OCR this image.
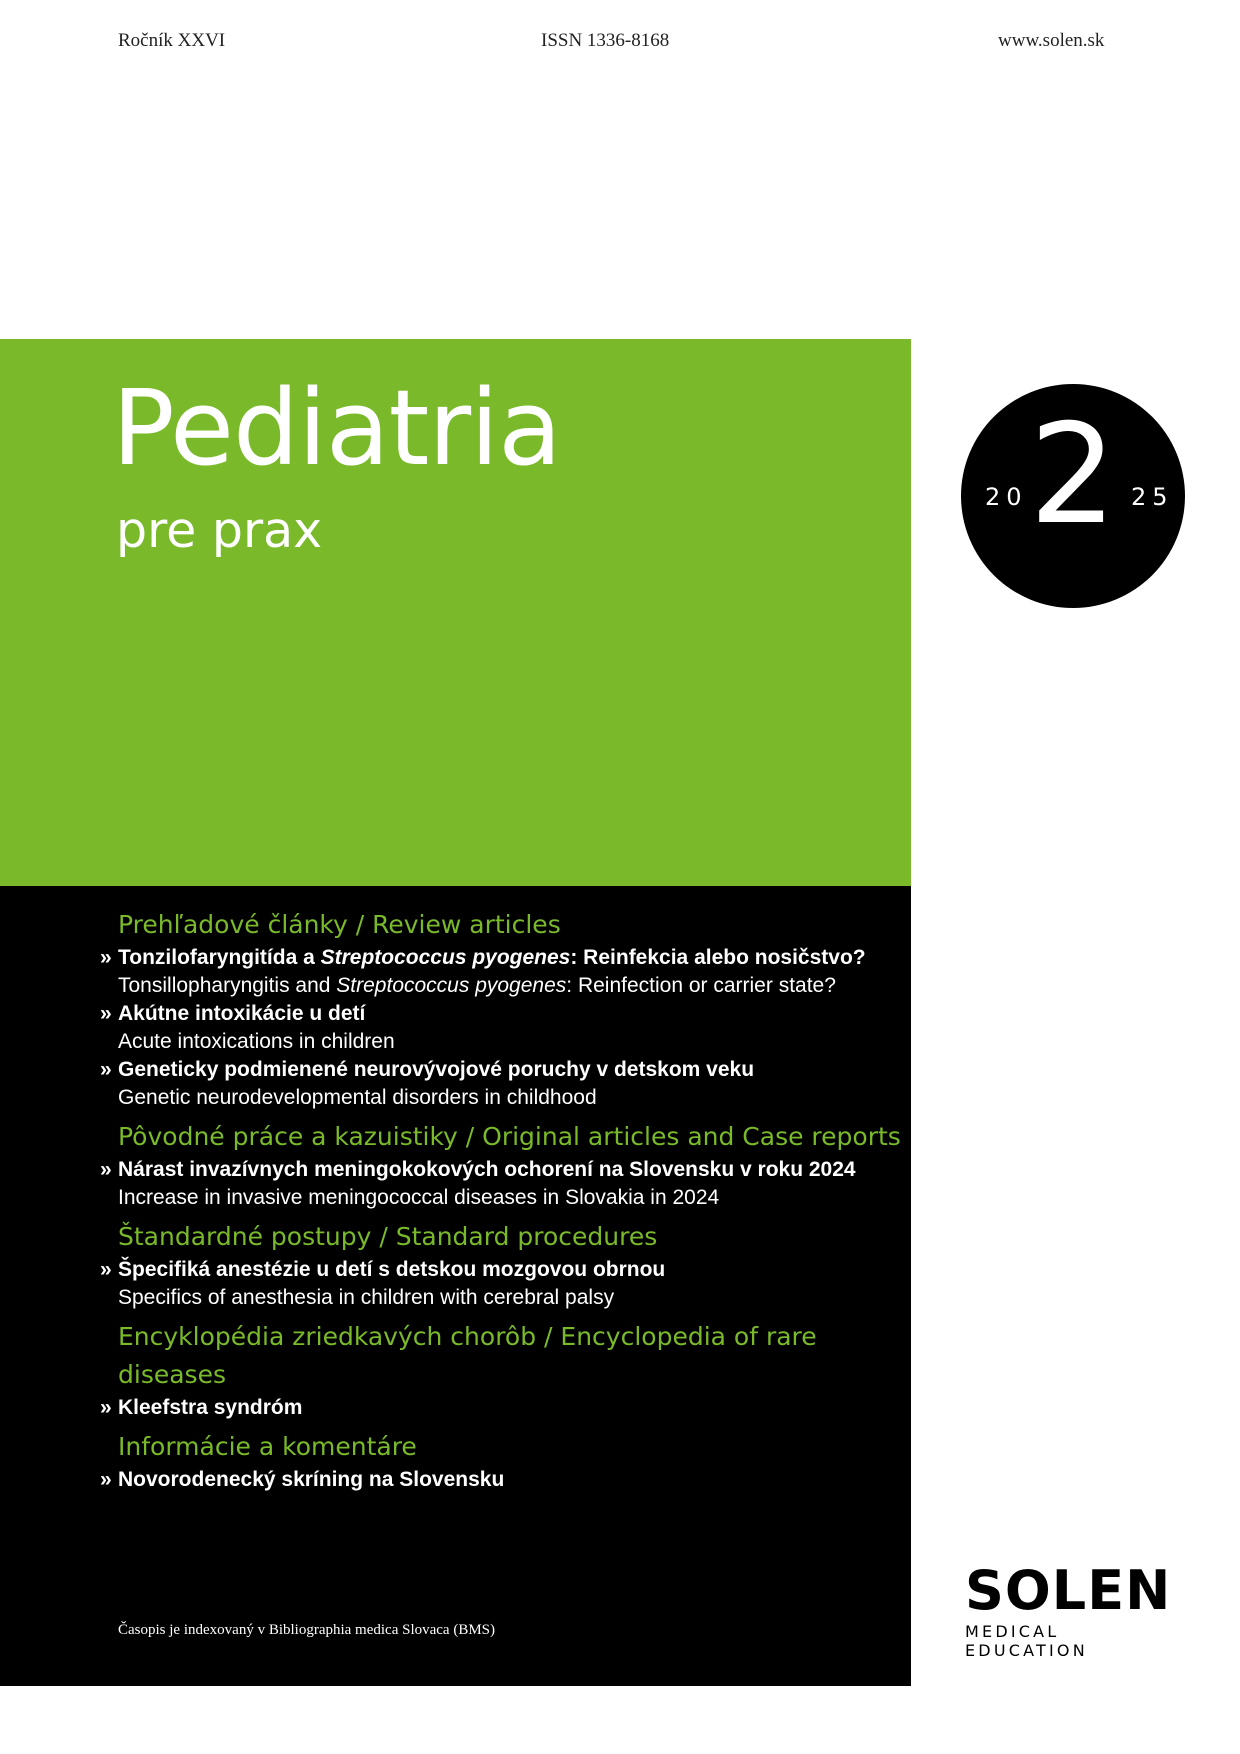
Ročník XXVI	ISSN 1336-8168	www.solen.sk
Pediatria
pre prax
20 2 25
Prehľadové články / Review articles
» Tonzilofaryngitída a Streptococcus pyogenes: Reinfekcia alebo nosičstvo?
Tonsillopharyngitis and Streptococcus pyogenes: Reinfection or carrier state?
» Akútne intoxikácie u detí
Acute intoxications in children
» Geneticky podmienené neurovývojové poruchy v detskom veku
Genetic neurodevelopmental disorders in childhood
Pôvodné práce a kazuistiky / Original articles and Case reports
» Nárast invazívnych meningokokových ochorení na Slovensku v roku 2024
Increase in invasive meningococcal diseases in Slovakia in 2024
Štandardné postupy / Standard procedures
» Špecifiká anestézie u detí s detskou mozgovou obrnou
Specifics of anesthesia in children with cerebral palsy
Encyklopédia zriedkavých chorôb / Encyclopedia of rare diseases
» Kleefstra syndróm
Informácie a komentáre
» Novorodenecký skríning na Slovensku
Časopis je indexovaný v Bibliographia medica Slovaca (BMS)
SOLEN
MEDICAL EDUCATION
